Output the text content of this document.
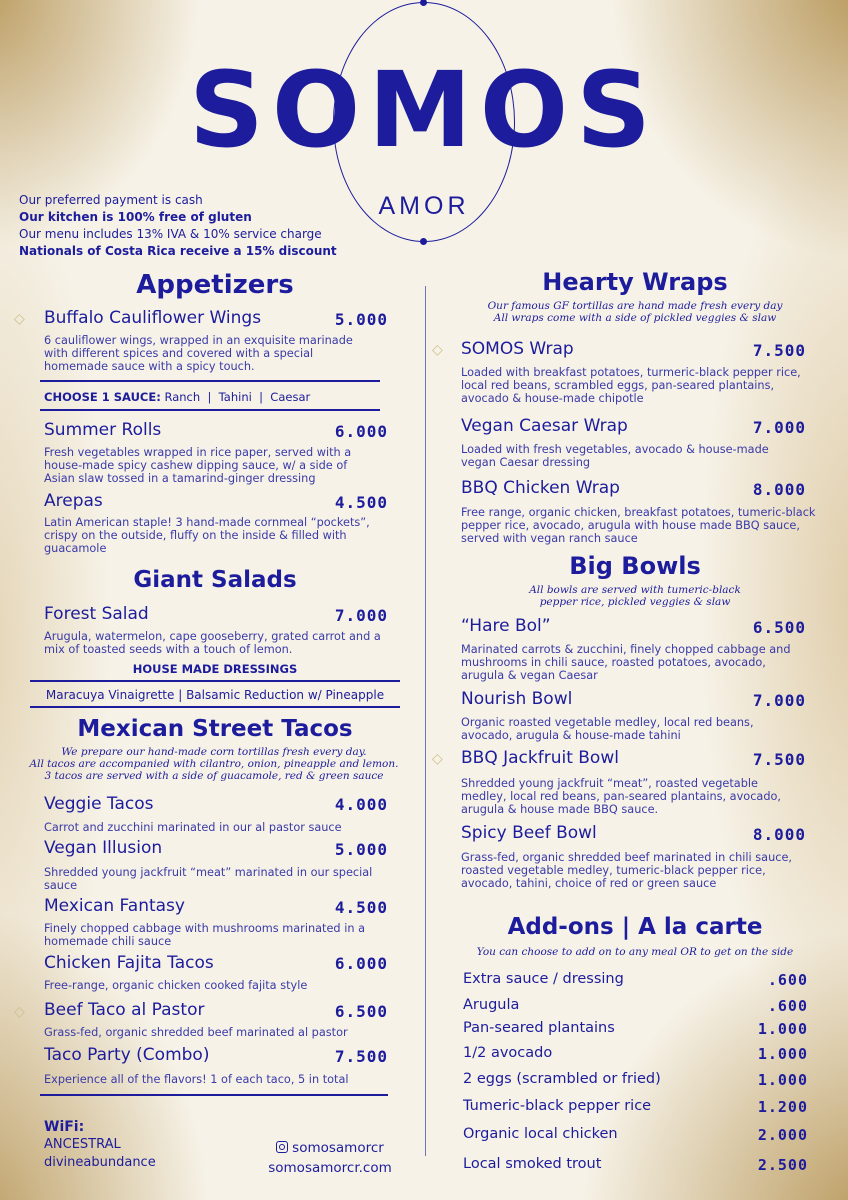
SOMOS
AMOR
Our preferred payment is cash
Our kitchen is 100% free of gluten
Our menu includes 13% IVA & 10% service charge
Nationals of Costa Rica receive a 15% discount
Appetizers
◇ Buffalo Cauliflower Wings	5.000
6 cauliflower wings, wrapped in an exquisite marinade with different spices and covered with a special homemade sauce with a spicy touch.
CHOOSE 1 SAUCE: Ranch  |  Tahini  |  Caesar
Summer Rolls	6.000
Fresh vegetables wrapped in rice paper, served with a house-made spicy cashew dipping sauce, w/ a side of Asian slaw tossed in a tamarind-ginger dressing
Arepas	4.500
Latin American staple! 3 hand-made cornmeal “pockets”, crispy on the outside, fluffy on the inside & filled with guacamole
Giant Salads
Forest Salad	7.000
Arugula, watermelon, cape gooseberry, grated carrot and a mix of toasted seeds with a touch of lemon.
HOUSE MADE DRESSINGS
Maracuya Vinaigrette | Balsamic Reduction w/ Pineapple
Mexican Street Tacos
We prepare our hand-made corn tortillas fresh every day.
All tacos are accompanied with cilantro, onion, pineapple and lemon.
3 tacos are served with a side of guacamole, red & green sauce
Veggie Tacos	4.000
Carrot and zucchini marinated in our al pastor sauce
Vegan Illusion	5.000
Shredded young jackfruit “meat” marinated in our special sauce
Mexican Fantasy	4.500
Finely chopped cabbage with mushrooms marinated in a homemade chili sauce
Chicken Fajita Tacos	6.000
Free-range, organic chicken cooked fajita style
◇ Beef Taco al Pastor	6.500
Grass-fed, organic shredded beef marinated al pastor
Taco Party (Combo)	7.500
Experience all of the flavors! 1 of each taco, 5 in total
WiFi:
ANCESTRAL
divineabundance
somosamorcr
somosamorcr.com
Hearty Wraps
Our famous GF tortillas are hand made fresh every day
All wraps come with a side of pickled veggies & slaw
◇ SOMOS Wrap	7.500
Loaded with breakfast potatoes, turmeric-black pepper rice, local red beans, scrambled eggs, pan-seared plantains, avocado & house-made chipotle
Vegan Caesar Wrap	7.000
Loaded with fresh vegetables, avocado & house-made vegan Caesar dressing
BBQ Chicken Wrap	8.000
Free range, organic chicken, breakfast potatoes, tumeric-black pepper rice, avocado, arugula with house made BBQ sauce, served with vegan ranch sauce
Big Bowls
All bowls are served with tumeric-black
pepper rice, pickled veggies & slaw
“Hare Bol”	6.500
Marinated carrots & zucchini, finely chopped cabbage and mushrooms in chili sauce, roasted potatoes, avocado, arugula & vegan Caesar
Nourish Bowl	7.000
Organic roasted vegetable medley, local red beans, avocado, arugula & house-made tahini
◇ BBQ Jackfruit Bowl	7.500
Shredded young jackfruit “meat”, roasted vegetable medley, local red beans, pan-seared plantains, avocado, arugula & house made BBQ sauce.
Spicy Beef Bowl	8.000
Grass-fed, organic shredded beef marinated in chili sauce, roasted vegetable medley, tumeric-black pepper rice, avocado, tahini, choice of red or green sauce
Add-ons | A la carte
You can choose to add on to any meal OR to get on the side
Extra sauce / dressing	.600
Arugula	.600
Pan-seared plantains	1.000
1/2 avocado	1.000
2 eggs (scrambled or fried)	1.000
Tumeric-black pepper rice	1.200
Organic local chicken	2.000
Local smoked trout	2.500
